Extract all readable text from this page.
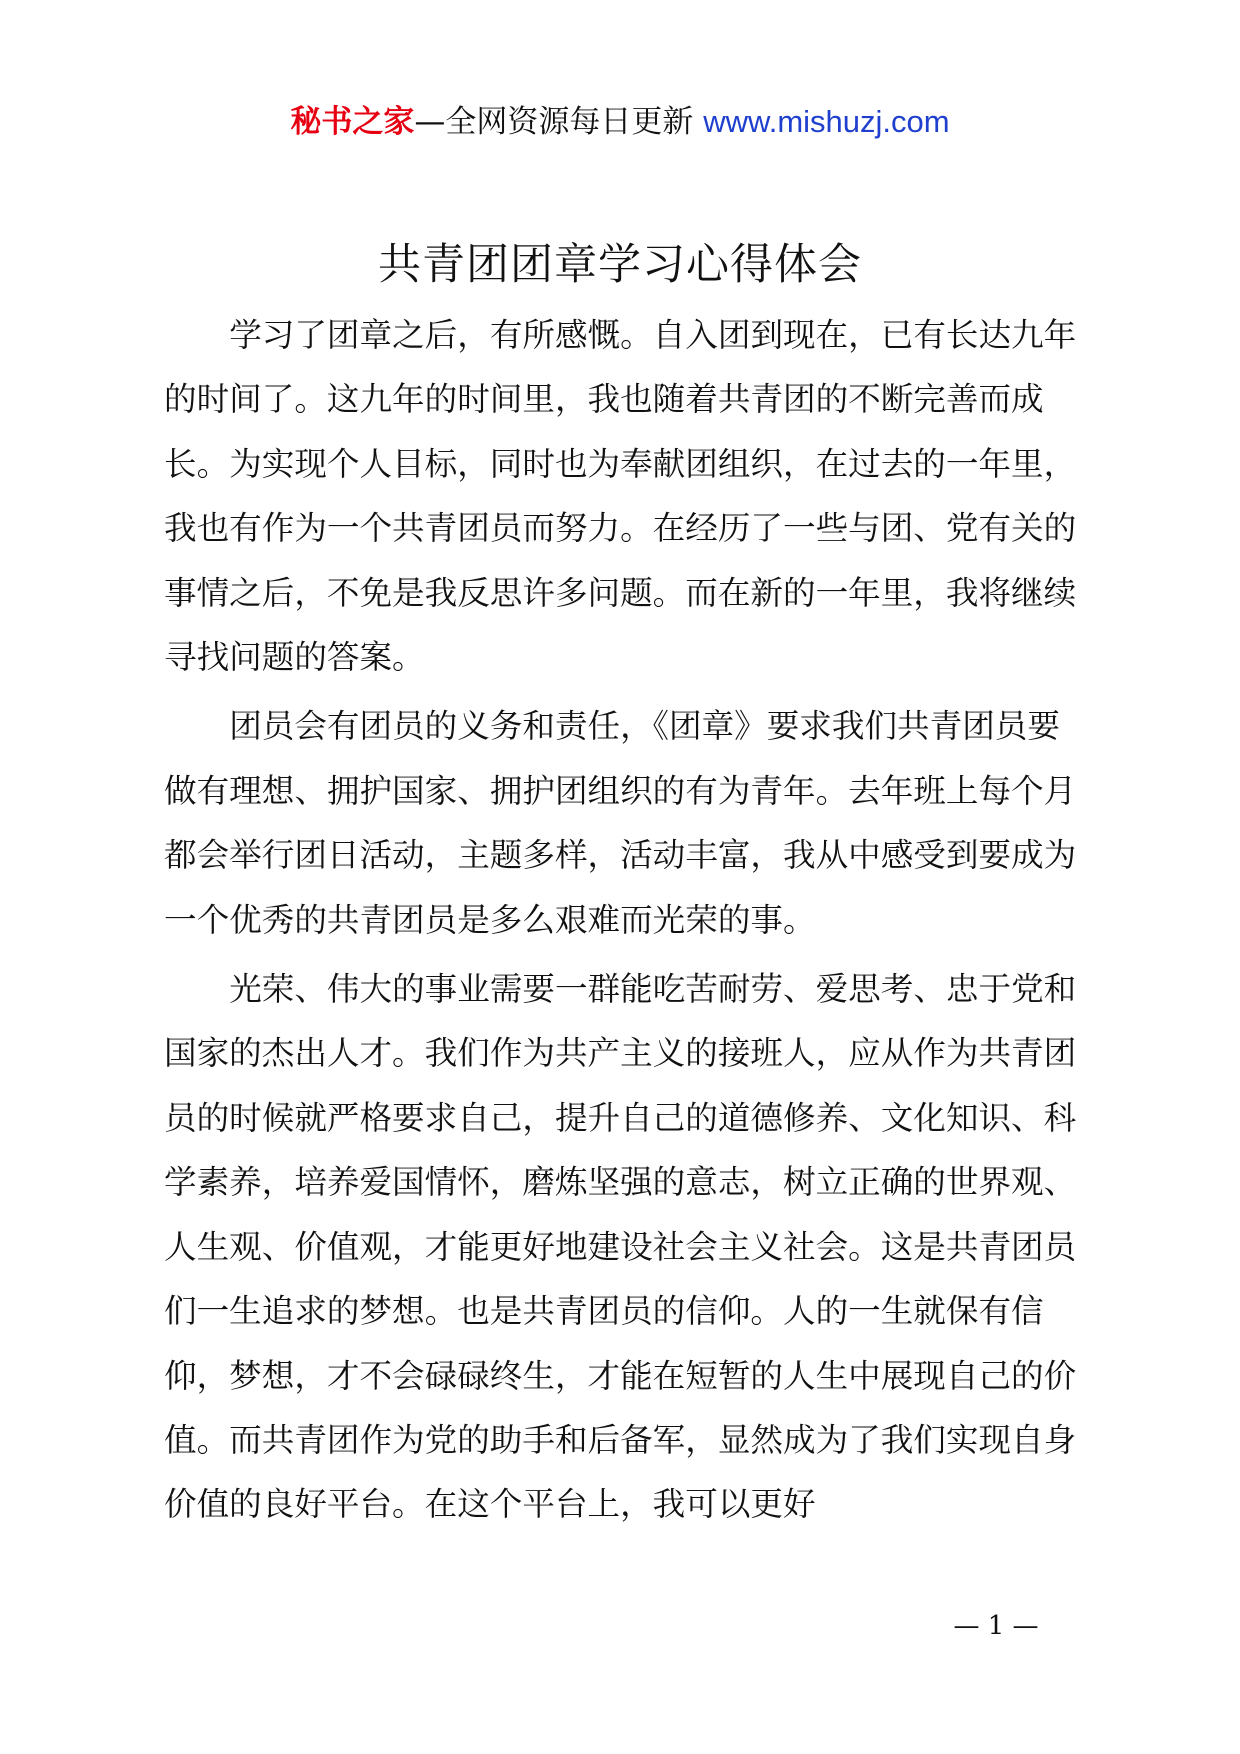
秘书之家—全网资源每日更新 www.mishuzj.com
共青团团章学习心得体会

学习了团章之后，有所感慨。自入团到现在，已有长达九年的时间了。这九年的时间里，我也随着共青团的不断完善而成长。为实现个人目标，同时也为奉献团组织，在过去的一年里，我也有作为一个共青团员而努力。在经历了一些与团、党有关的事情之后，不免是我反思许多问题。而在新的一年里，我将继续寻找问题的答案。

团员会有团员的义务和责任，《团章》要求我们共青团员要做有理想、拥护国家、拥护团组织的有为青年。去年班上每个月都会举行团日活动，主题多样，活动丰富，我从中感受到要成为一个优秀的共青团员是多么艰难而光荣的事。

光荣、伟大的事业需要一群能吃苦耐劳、爱思考、忠于党和国家的杰出人才。我们作为共产主义的接班人，应从作为共青团员的时候就严格要求自己，提升自己的道德修养、文化知识、科学素养，培养爱国情怀，磨炼坚强的意志，树立正确的世界观、人生观、价值观，才能更好地建设社会主义社会。这是共青团员们一生追求的梦想。也是共青团员的信仰。人的一生就保有信仰，梦想，才不会碌碌终生，才能在短暂的人生中展现自己的价值。而共青团作为党的助手和后备军，显然成为了我们实现自身价值的良好平台。在这个平台上，我可以更好

— 1 —
